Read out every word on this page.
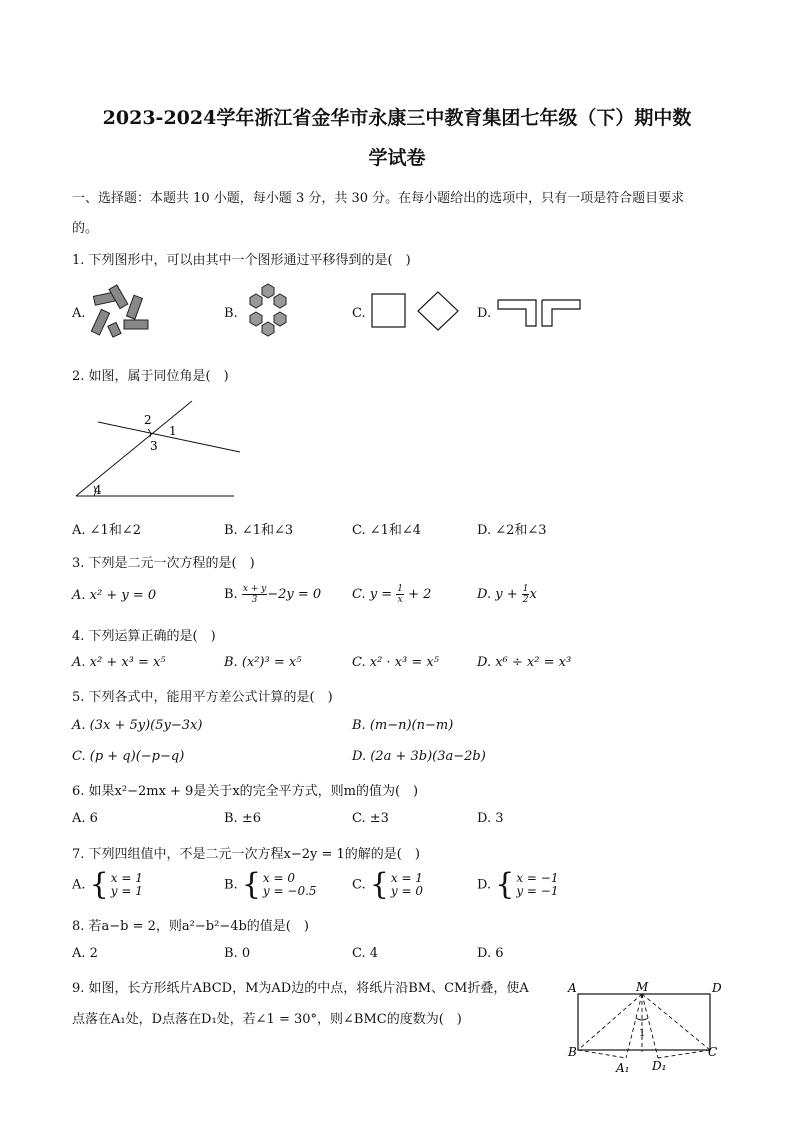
2023-2024学年浙江省金华市永康三中教育集团七年级（下）期中数
学试卷
一、选择题：本题共 10 小题，每小题 3 分，共 30 分。在每小题给出的选项中，只有一项是符合题目要求
的。
1. 下列图形中，可以由其中一个图形通过平移得到的是(　)
A.	B.	C.	D.
2. 如图，属于同位角是(　)
2
1
3
4
A. ∠1和∠2	B. ∠1和∠3	C. ∠1和∠4	D. ∠2和∠3
3. 下列是二元一次方程的是(　)
A. x² + y = 0	B. $\frac{x + y}{3} -2y = 0$ C. $y = \frac{1}{x} + 2$	D. $y + \frac{1}{2}$ x
4. 下列运算正确的是(　)
A. x² + x³ = x⁵	B. (x²)³ = x⁵	C. x² · x³ = x⁵	D. x⁶ ÷ x² = x³
5. 下列各式中，能用平方差公式计算的是(　)
A. (3x + 5y)(5y−3x)	B. (m−n)(n−m)
C. (p + q)(−p−q)	D. (2a + 3b)(3a−2b)
6. 如果x²−2mx + 9是关于x的完全平方式，则m的值为(　)
A. 6	B. ±6	C. ±3	D. 3
7. 下列四组值中，不是二元一次方程x−2y = 1的解的是(　)
A. { x = 1
y = 1	B. { x = 0
y = −0.5	C. { x = 1
y = 0	D. { x = −1
y = −1
8. 若a−b = 2，则a²−b²−4b的值是(　)
A. 2	B. 0	C. 4	D. 6
9. 如图，长方形纸片ABCD，M为AD边的中点，将纸片沿BM、CM折叠，使A
点落在A₁处，D点落在D₁处，若∠1 = 30°，则∠BMC的度数为(　)
A	M	D
B	C
1
A₁ D₁
